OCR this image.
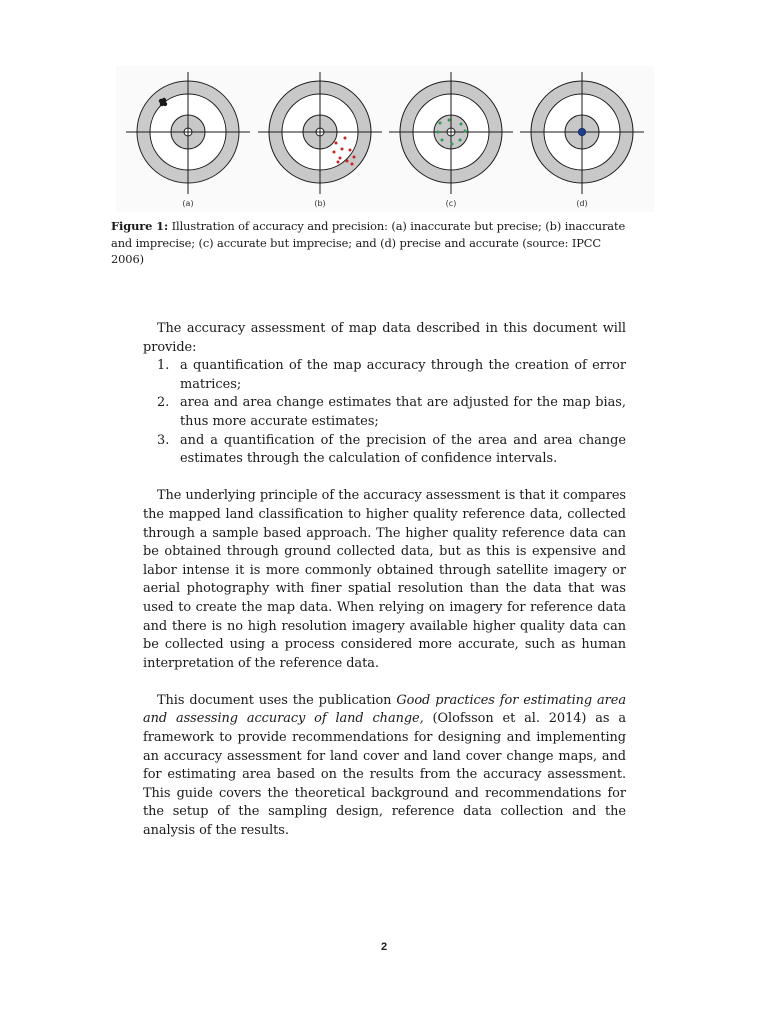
(a)	(b)	(c)	(d)

Figure 1: Illustration of accuracy and precision: (a) inaccurate but precise; (b) inaccurate and imprecise; (c) accurate but imprecise; and (d) precise and accurate (source: IPCC 2006)

The accuracy assessment of map data described in this document will provide:

1. a quantification of the map accuracy through the creation of error matrices;
2. area and area change estimates that are adjusted for the map bias, thus more accurate estimates;
3. and a quantification of the precision of the area and area change estimates through the calculation of confidence intervals.

The underlying principle of the accuracy assessment is that it compares the mapped land classification to higher quality reference data, collected through a sample based approach. The higher quality reference data can be obtained through ground collected data, but as this is expensive and labor intense it is more commonly obtained through satellite imagery or aerial photography with finer spatial resolution than the data that was used to create the map data. When relying on imagery for reference data and there is no high resolution imagery available higher quality data can be collected using a process considered more accurate, such as human interpretation of the reference data.

This document uses the publication Good practices for estimating area and assessing accuracy of land change, (Olofsson et al. 2014) as a framework to provide recommendations for designing and implementing an accuracy assessment for land cover and land cover change maps, and for estimating area based on the results from the accuracy assessment. This guide covers the theoretical background and recommendations for the setup of the sampling design, reference data collection and the analysis of the results.

2
